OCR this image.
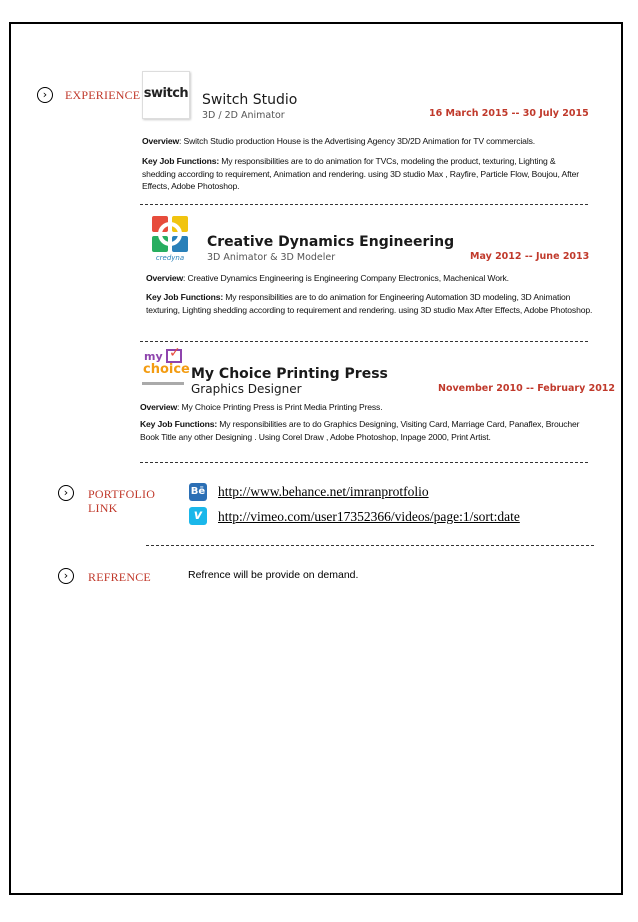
›	EXPERIENCE switch Switch Studio
3D / 2D Animator	16 March 2015 -- 30 July 2015
Overview: Switch Studio production House is the Advertising Agency 3D/2D Animation for TV commercials.
Key Job Functions: My responsibilities are to do animation for TVCs, modeling the product, texturing, Lighting & shedding according to requirement, Animation and rendering. using 3D studio Max , Rayfire, Particle Flow, Boujou, After Effects, Adobe Photoshop.
credyna
Creative Dynamics Engineering
3D Animator & 3D Modeler	May 2012 -- June 2013
Overview: Creative Dynamics Engineering is Engineering Company Electronics, Machenical Work.
Key Job Functions: My responsibilities are to do animation for Engineering Automation 3D modeling, 3D Animation texturing, Lighting shedding according to requirement and rendering. using 3D studio Max After Effects, Adobe Photoshop.
my ✓
choice My Choice Printing Press
Graphics Designer	November 2010 -- February 2012
Overview: My Choice Printing Press is Print Media Printing Press.
Key Job Functions: My responsibilities are to do Graphics Designing, Visiting Card, Marriage Card, Panaflex, Broucher Book Title any other Designing . Using Corel Draw , Adobe Photoshop, Inpage 2000, Print Artist.
›	PORTFOLIO
LINK
Bē http://www.behance.net/imranprotfolio
v	http://vimeo.com/user17352366/videos/page:1/sort:date
›	REFRENCE	Refrence will be provide on demand.
